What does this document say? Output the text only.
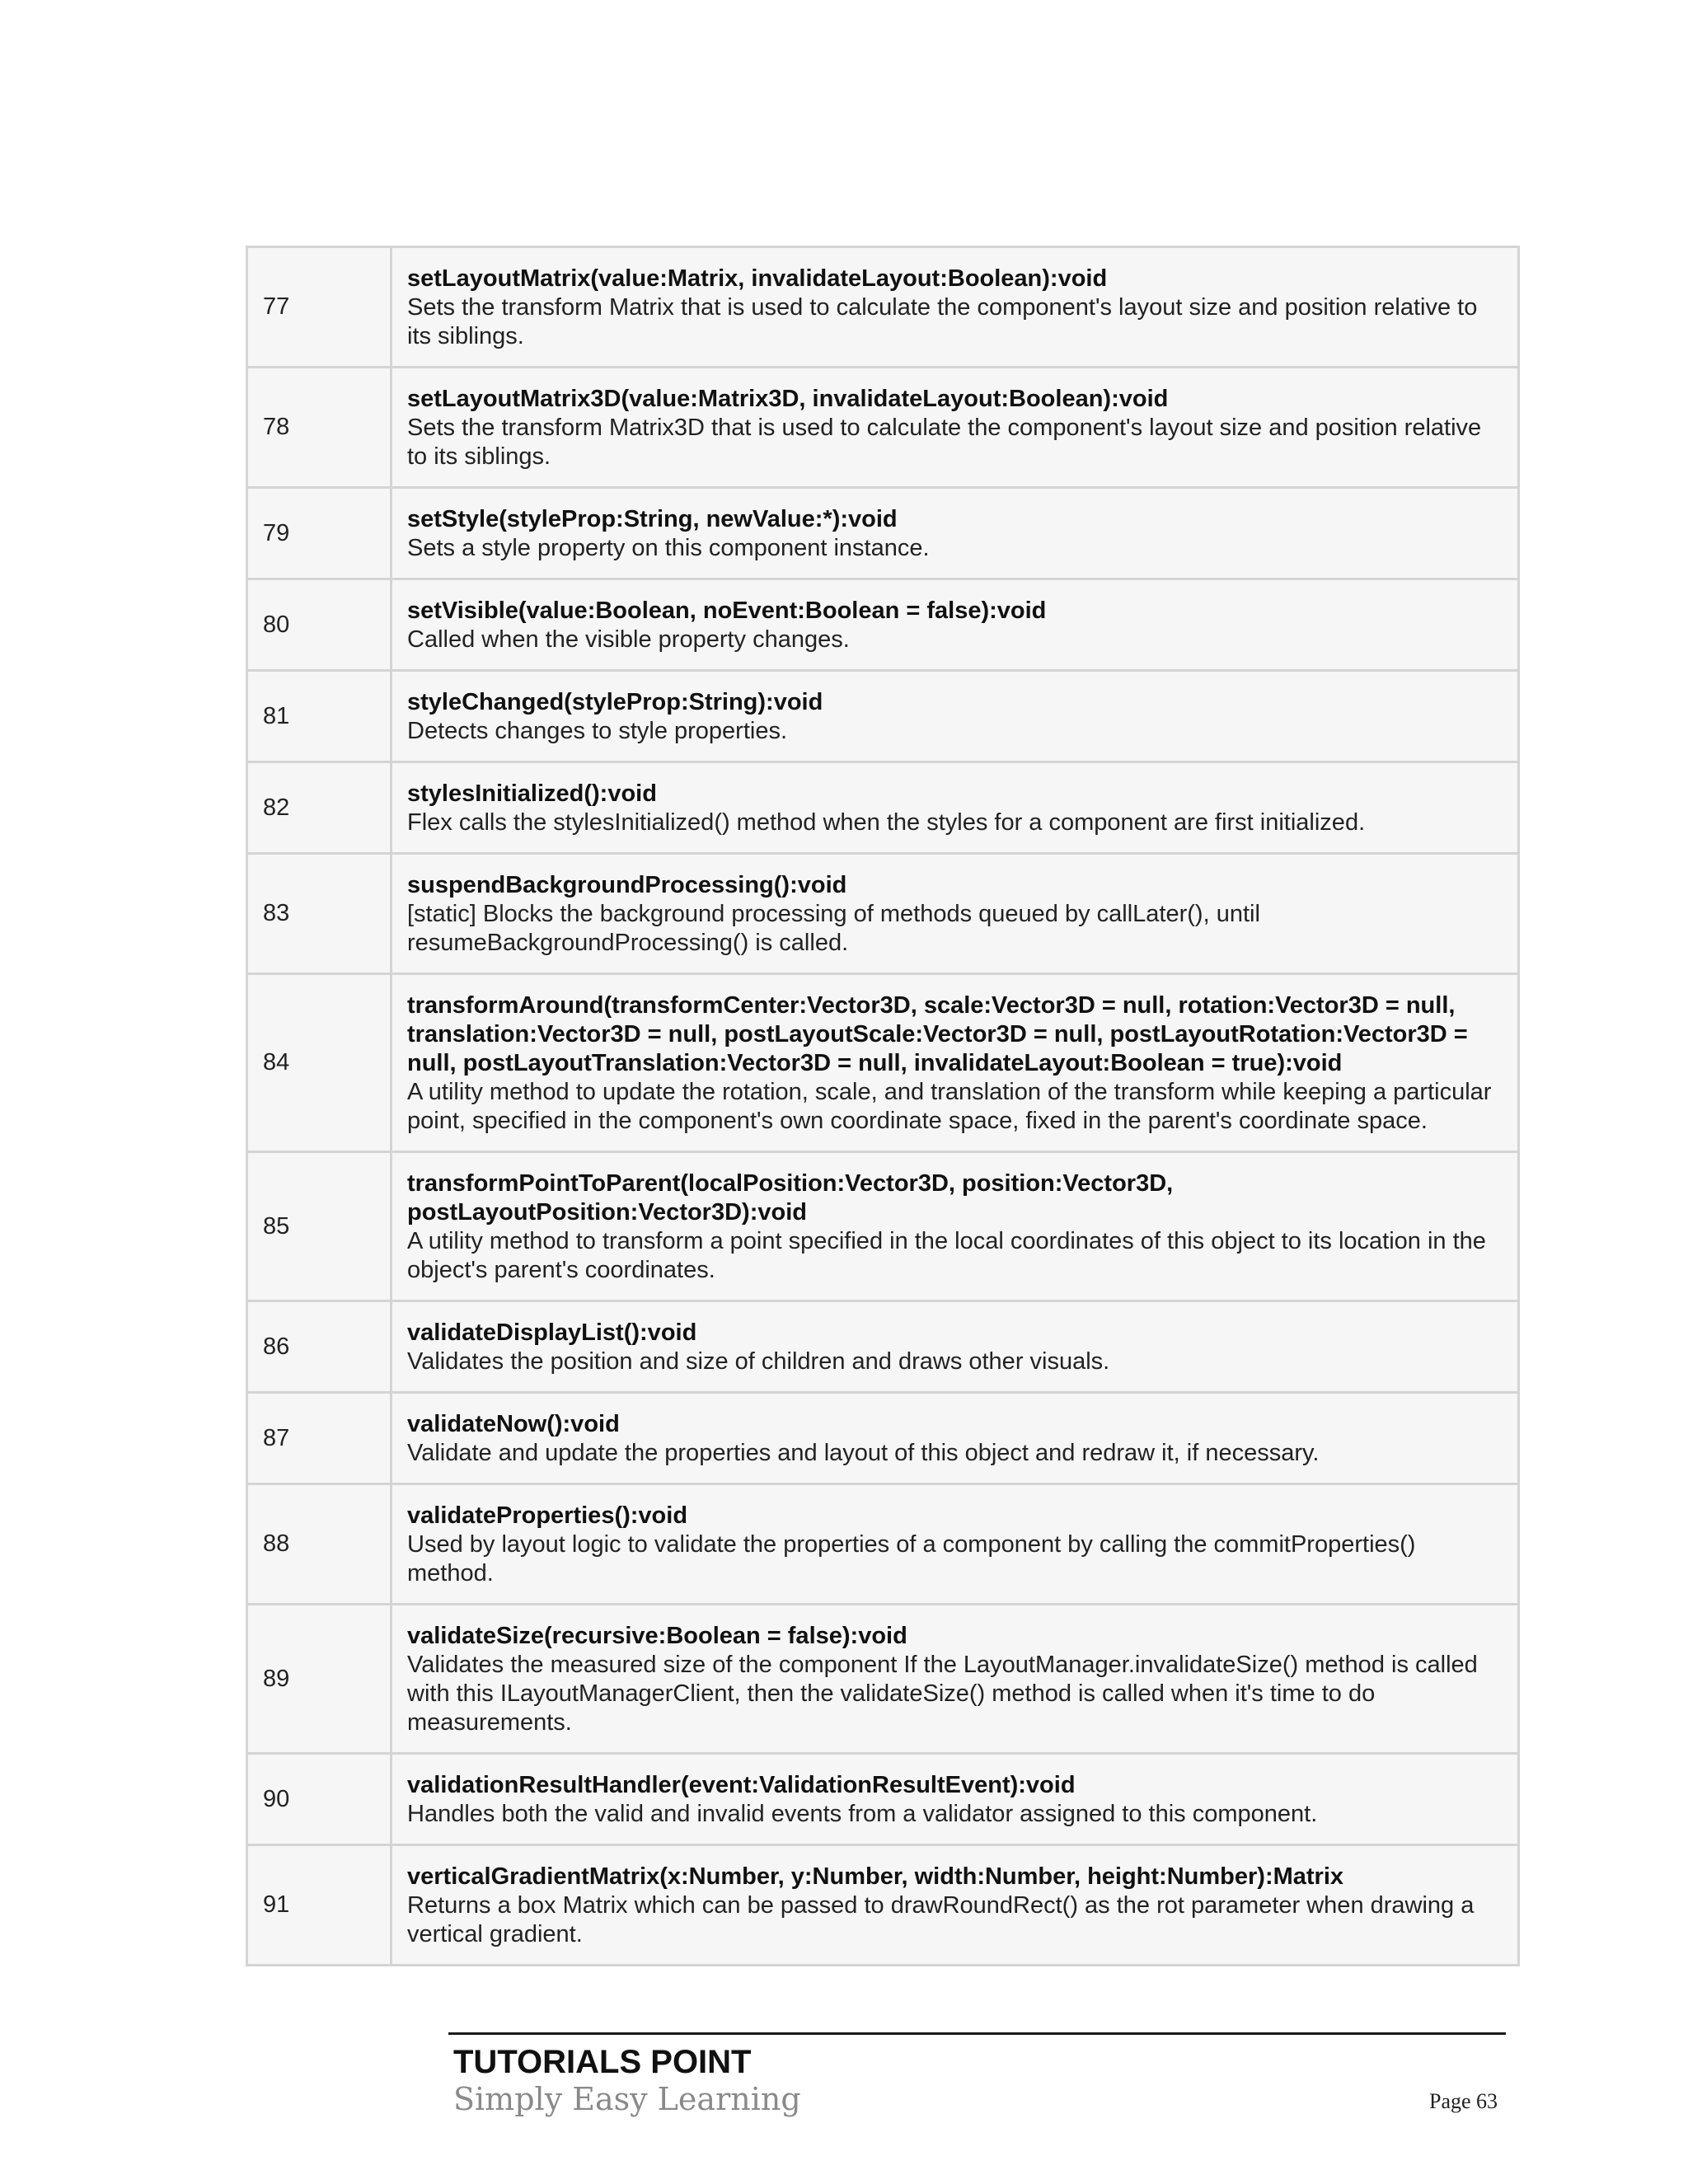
77	setLayoutMatrix(value:Matrix, invalidateLayout:Boolean):void
Sets the transform Matrix that is used to calculate the component's layout size and position relative to its siblings.

78	setLayoutMatrix3D(value:Matrix3D, invalidateLayout:Boolean):void
Sets the transform Matrix3D that is used to calculate the component's layout size and position relative to its siblings.

79	setStyle(styleProp:String, newValue:*):void
Sets a style property on this component instance.

80	setVisible(value:Boolean, noEvent:Boolean = false):void
Called when the visible property changes.

81	styleChanged(styleProp:String):void
Detects changes to style properties.

82	stylesInitialized():void
Flex calls the stylesInitialized() method when the styles for a component are first initialized.

83	suspendBackgroundProcessing():void
[static] Blocks the background processing of methods queued by callLater(), until resumeBackgroundProcessing() is called.

84	transformAround(transformCenter:Vector3D, scale:Vector3D = null, rotation:Vector3D = null, translation:Vector3D = null, postLayoutScale:Vector3D = null, postLayoutRotation:Vector3D = null, postLayoutTranslation:Vector3D = null, invalidateLayout:Boolean = true):void
A utility method to update the rotation, scale, and translation of the transform while keeping a particular point, specified in the component's own coordinate space, fixed in the parent's coordinate space.

85	transformPointToParent(localPosition:Vector3D, position:Vector3D, postLayoutPosition:Vector3D):void
A utility method to transform a point specified in the local coordinates of this object to its location in the object's parent's coordinates.

86	validateDisplayList():void
Validates the position and size of children and draws other visuals.

87	validateNow():void
Validate and update the properties and layout of this object and redraw it, if necessary.

88	validateProperties():void
Used by layout logic to validate the properties of a component by calling the commitProperties() method.

89	validateSize(recursive:Boolean = false):void
Validates the measured size of the component If the LayoutManager.invalidateSize() method is called with this ILayoutManagerClient, then the validateSize() method is called when it's time to do measurements.

90	validationResultHandler(event:ValidationResultEvent):void
Handles both the valid and invalid events from a validator assigned to this component.

91	verticalGradientMatrix(x:Number, y:Number, width:Number, height:Number):Matrix
Returns a box Matrix which can be passed to drawRoundRect() as the rot parameter when drawing a vertical gradient.
TUTORIALS POINT
Simply Easy Learning	Page 63
